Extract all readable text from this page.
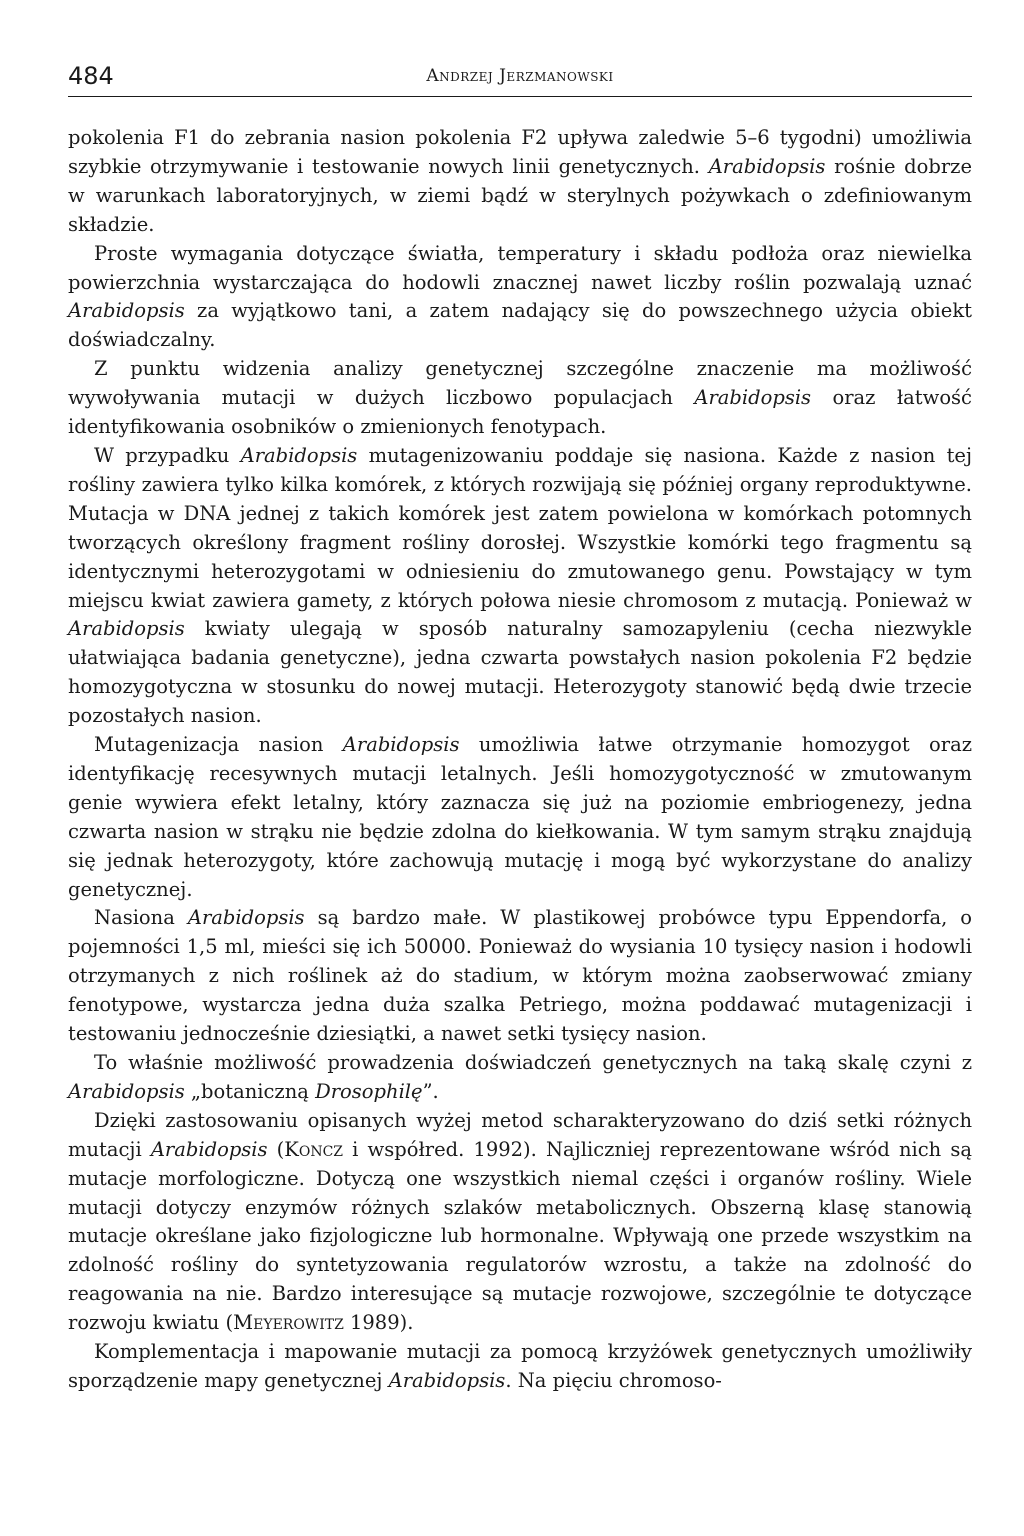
484	Andrzej Jerzmanowski

pokolenia F1 do zebrania nasion pokolenia F2 upływa zaledwie 5–6 tygodni) umożliwia szybkie otrzymywanie i testowanie nowych linii genetycznych. Arabidopsis rośnie dobrze w warunkach laboratoryjnych, w ziemi bądź w sterylnych pożywkach o zdefiniowanym składzie.

Proste wymagania dotyczące światła, temperatury i składu podłoża oraz niewielka powierzchnia wystarczająca do hodowli znacznej nawet liczby roślin pozwalają uznać Arabidopsis za wyjątkowo tani, a zatem nadający się do powszechnego użycia obiekt doświadczalny.

Z punktu widzenia analizy genetycznej szczególne znaczenie ma możliwość wywoływania mutacji w dużych liczbowo populacjach Arabidopsis oraz łatwość identyfikowania osobników o zmienionych fenotypach.

W przypadku Arabidopsis mutagenizowaniu poddaje się nasiona. Każde z nasion tej rośliny zawiera tylko kilka komórek, z których rozwijają się później organy reproduktywne. Mutacja w DNA jednej z takich komórek jest zatem powielona w komórkach potomnych tworzących określony fragment rośliny dorosłej. Wszystkie komórki tego fragmentu są identycznymi heterozygotami w odniesieniu do zmutowanego genu. Powstający w tym miejscu kwiat zawiera gamety, z których połowa niesie chromosom z mutacją. Ponieważ w Arabidopsis kwiaty ulegają w sposób naturalny samozapyleniu (cecha niezwykle ułatwiająca badania genetyczne), jedna czwarta powstałych nasion pokolenia F2 będzie homozygotyczna w stosunku do nowej mutacji. Heterozygoty stanowić będą dwie trzecie pozostałych nasion.

Mutagenizacja nasion Arabidopsis umożliwia łatwe otrzymanie homozygot oraz identyfikację recesywnych mutacji letalnych. Jeśli homozygotyczność w zmutowanym genie wywiera efekt letalny, który zaznacza się już na poziomie embriogenezy, jedna czwarta nasion w strąku nie będzie zdolna do kiełkowania. W tym samym strąku znajdują się jednak heterozygoty, które zachowują mutację i mogą być wykorzystane do analizy genetycznej.

Nasiona Arabidopsis są bardzo małe. W plastikowej probówce typu Eppendorfa, o pojemności 1,5 ml, mieści się ich 50000. Ponieważ do wysiania 10 tysięcy nasion i hodowli otrzymanych z nich roślinek aż do stadium, w którym można zaobserwować zmiany fenotypowe, wystarcza jedna duża szalka Petriego, można poddawać mutagenizacji i testowaniu jednocześnie dziesiątki, a nawet setki tysięcy nasion.

To właśnie możliwość prowadzenia doświadczeń genetycznych na taką skalę czyni z Arabidopsis „botaniczną Drosophilę”.

Dzięki zastosowaniu opisanych wyżej metod scharakteryzowano do dziś setki różnych mutacji Arabidopsis (Koncz i współred. 1992). Najliczniej reprezentowane wśród nich są mutacje morfologiczne. Dotyczą one wszystkich niemal części i organów rośliny. Wiele mutacji dotyczy enzymów różnych szlaków metabolicznych. Obszerną klasę stanowią mutacje określane jako fizjologiczne lub hormonalne. Wpływają one przede wszystkim na zdolność rośliny do syntetyzowania regulatorów wzrostu, a także na zdolność do reagowania na nie. Bardzo interesujące są mutacje rozwojowe, szczególnie te dotyczące rozwoju kwiatu (Meyerowitz 1989).

Komplementacja i mapowanie mutacji za pomocą krzyżówek genetycznych umożliwiły sporządzenie mapy genetycznej Arabidopsis. Na pięciu chromoso-
